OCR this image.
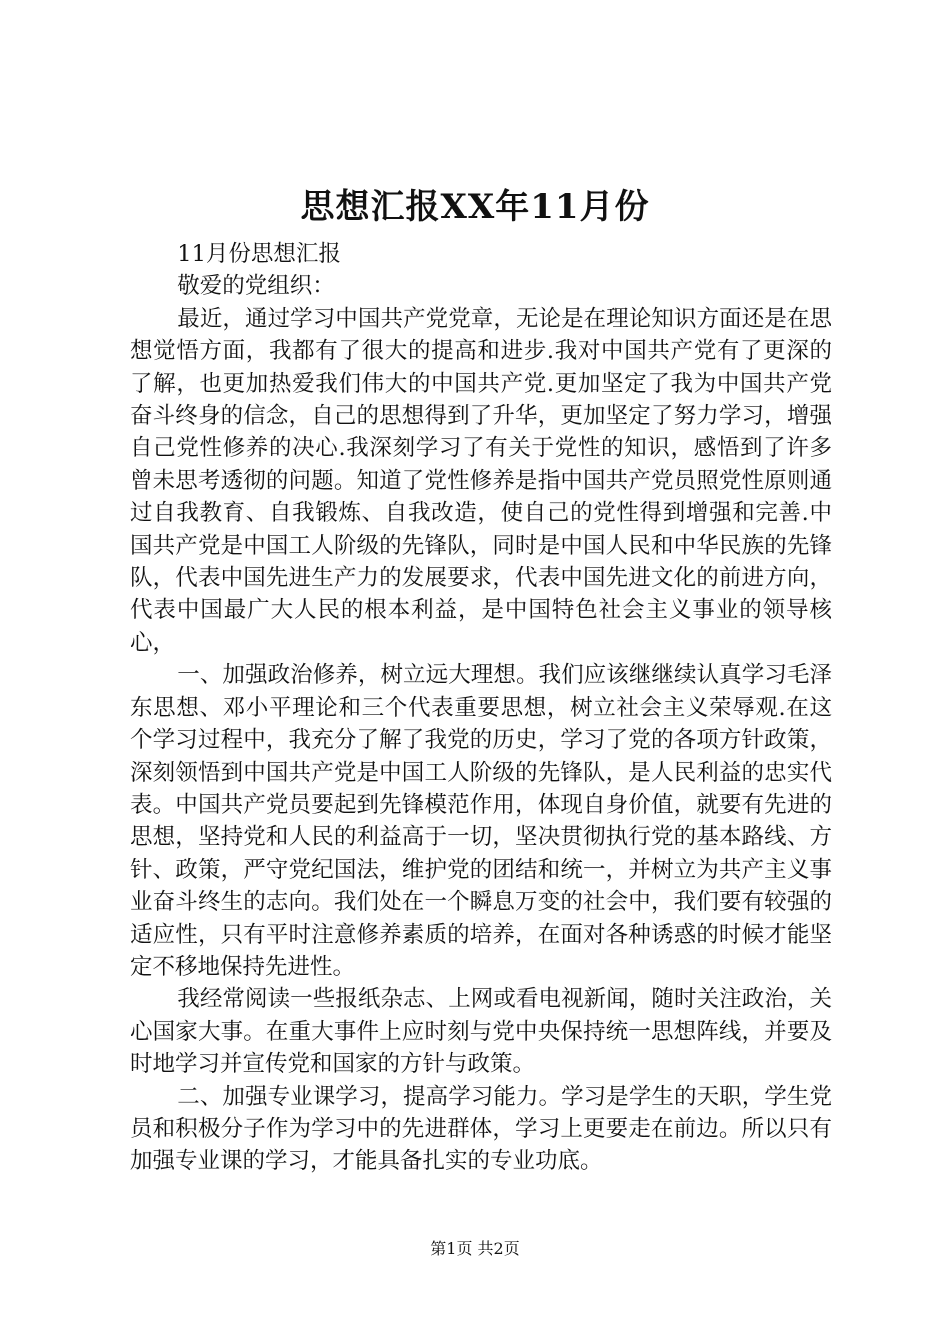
思想汇报XX年11月份

11月份思想汇报

敬爱的党组织：

最近，通过学习中国共产党党章，无论是在理论知识方面还是在思想觉悟方面，我都有了很大的提高和进步.我对中国共产党有了更深的了解，也更加热爱我们伟大的中国共产党.更加坚定了我为中国共产党奋斗终身的信念，自己的思想得到了升华，更加坚定了努力学习，增强自己党性修养的决心.我深刻学习了有关于党性的知识，感悟到了许多曾未思考透彻的问题。知道了党性修养是指中国共产党员照党性原则通过自我教育、自我锻炼、自我改造，使自己的党性得到增强和完善.中国共产党是中国工人阶级的先锋队，同时是中国人民和中华民族的先锋队，代表中国先进生产力的发展要求，代表中国先进文化的前进方向，代表中国最广大人民的根本利益，是中国特色社会主义事业的领导核心，

一、加强政治修养，树立远大理想。我们应该继继续认真学习毛泽东思想、邓小平理论和三个代表重要思想，树立社会主义荣辱观.在这个学习过程中，我充分了解了我党的历史，学习了党的各项方针政策，深刻领悟到中国共产党是中国工人阶级的先锋队，是人民利益的忠实代表。中国共产党员要起到先锋模范作用，体现自身价值，就要有先进的思想，坚持党和人民的利益高于一切，坚决贯彻执行党的基本路线、方针、政策，严守党纪国法，维护党的团结和统一，并树立为共产主义事业奋斗终生的志向。我们处在一个瞬息万变的社会中，我们要有较强的适应性，只有平时注意修养素质的培养，在面对各种诱惑的时候才能坚定不移地保持先进性。

我经常阅读一些报纸杂志、上网或看电视新闻，随时关注政治，关心国家大事。在重大事件上应时刻与党中央保持统一思想阵线，并要及时地学习并宣传党和国家的方针与政策。

二、加强专业课学习，提高学习能力。学习是学生的天职，学生党员和积极分子作为学习中的先进群体，学习上更要走在前边。所以只有加强专业课的学习，才能具备扎实的专业功底。

第1页 共2页
